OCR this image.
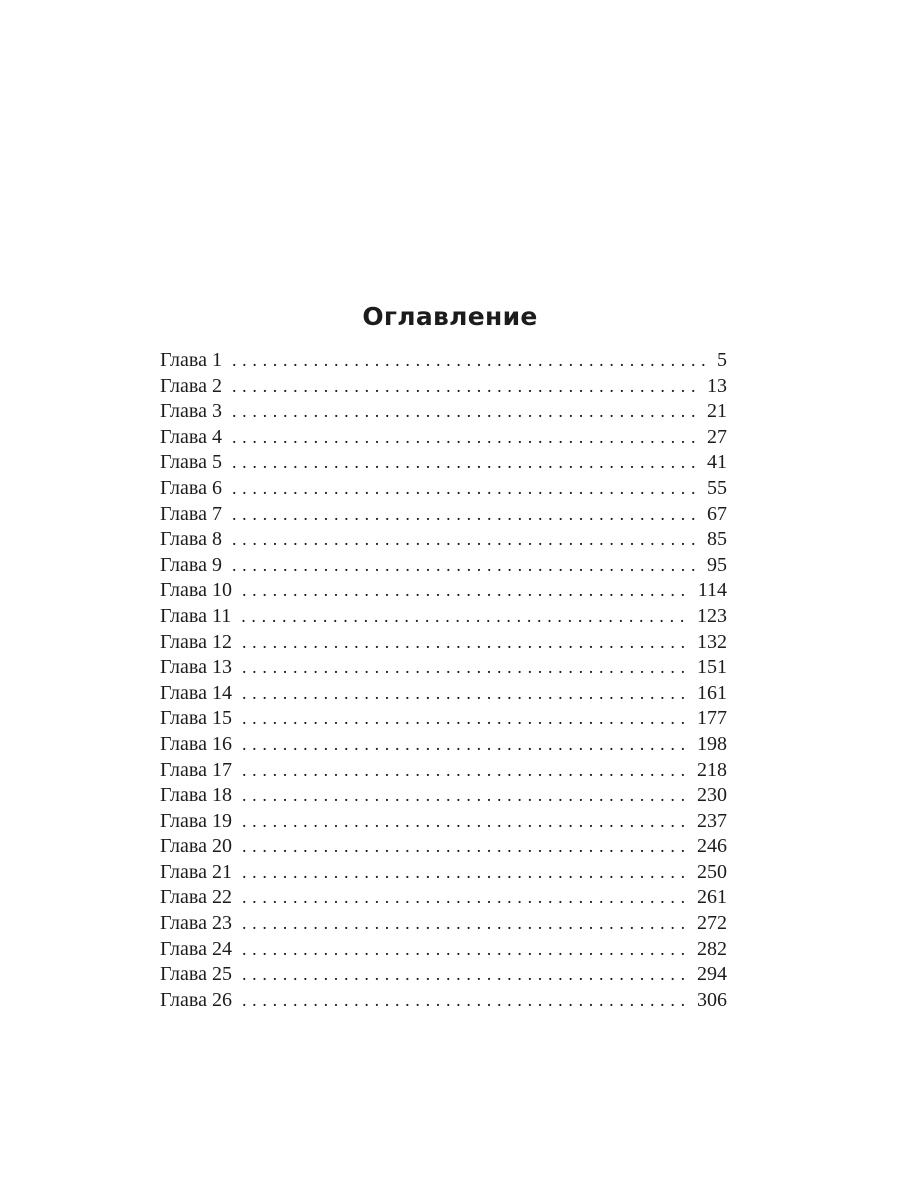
Оглавление
Глава 1 . . .	5
Глава 2 . . .	13
Глава 3 . . .	21
Глава 4 . . .	27
Глава 5 . . .	41
Глава 6 . . .	55
Глава 7 . . .	67
Глава 8 . . .	85
Глава 9 . . .	95
Глава 10 . . .	114
Глава 11 . . .	123
Глава 12 . . .	132
Глава 13 . . .	151
Глава 14 . . .	161
Глава 15 . . .	177
Глава 16 . . .	198
Глава 17 . . .	218
Глава 18 . . .	230
Глава 19 . . .	237
Глава 20 . . .	246
Глава 21 . . .	250
Глава 22 . . .	261
Глава 23 . . .	272
Глава 24 . . .	282
Глава 25 . . .	294
Глава 26 . . .	306
